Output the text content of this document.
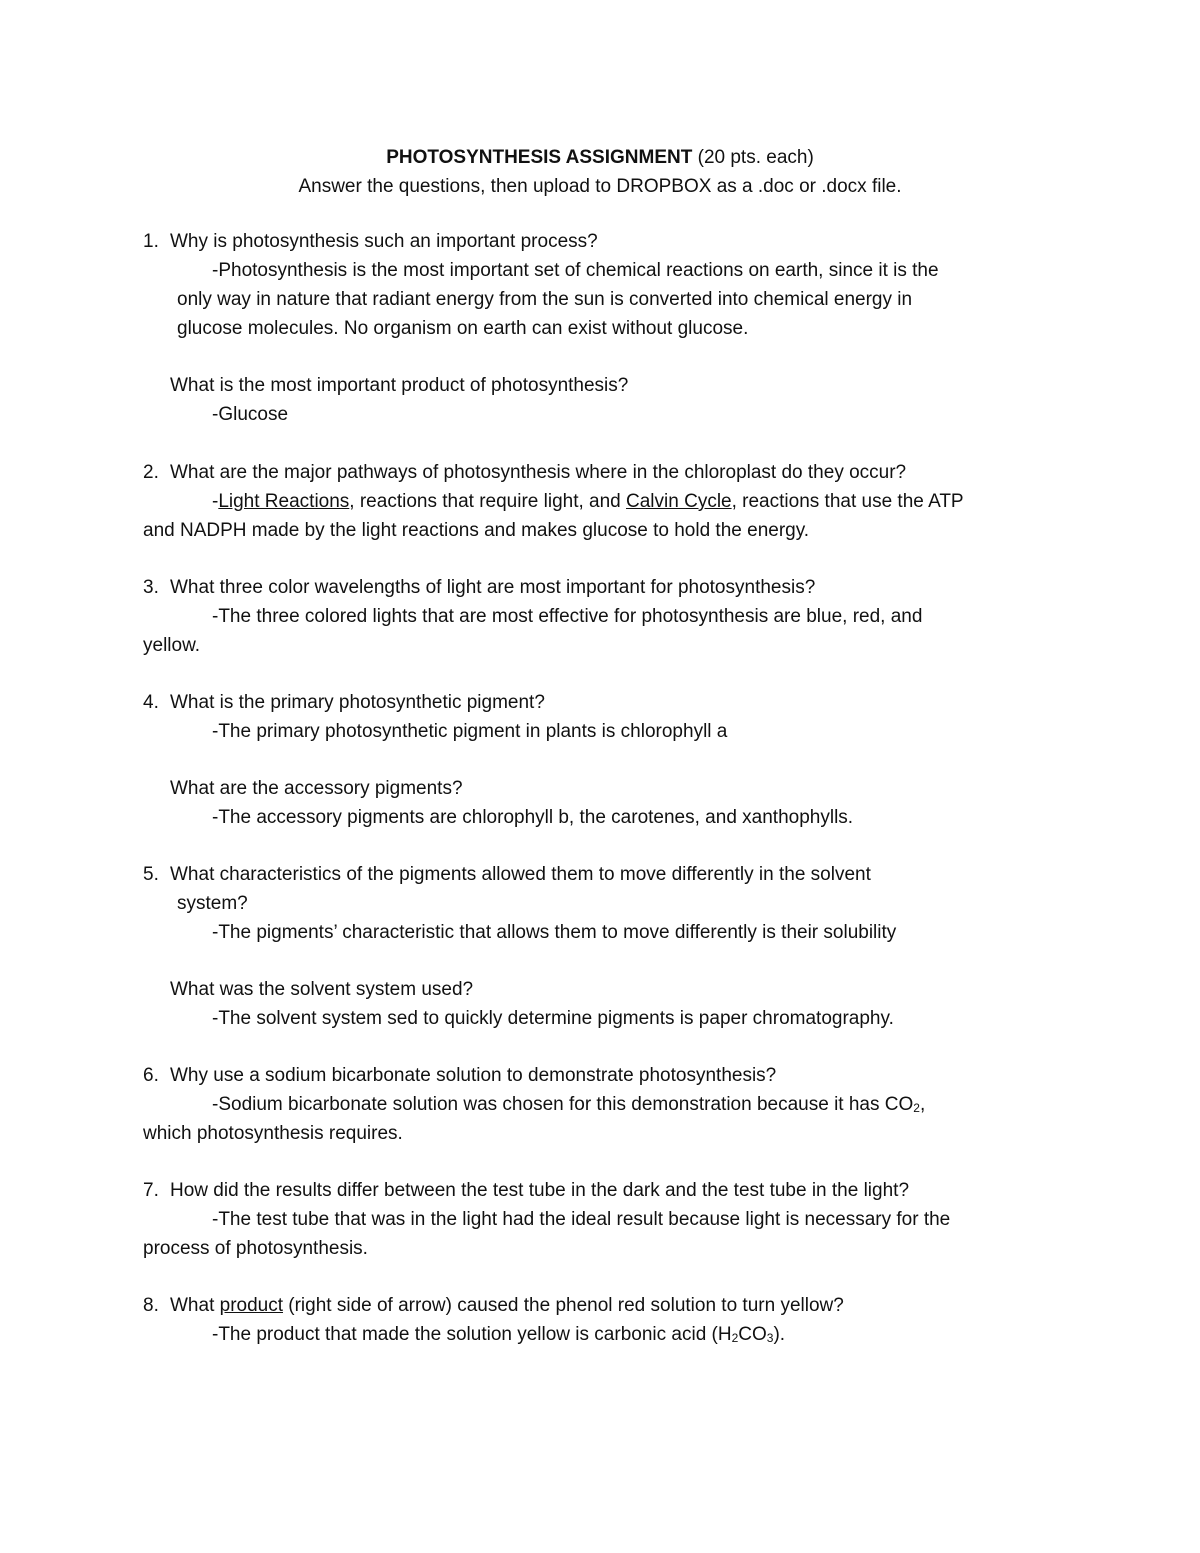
PHOTOSYNTHESIS ASSIGNMENT (20 pts. each)
Answer the questions, then upload to DROPBOX as a .doc or .docx file.
1. Why is photosynthesis such an important process?
-Photosynthesis is the most important set of chemical reactions on earth, since it is the
only way in nature that radiant energy from the sun is converted into chemical energy in
glucose molecules. No organism on earth can exist without glucose.
What is the most important product of photosynthesis?
-Glucose
2. What are the major pathways of photosynthesis where in the chloroplast do they occur?
-Light Reactions, reactions that require light, and Calvin Cycle, reactions that use the ATP
and NADPH made by the light reactions and makes glucose to hold the energy.
3. What three color wavelengths of light are most important for photosynthesis?
-The three colored lights that are most effective for photosynthesis are blue, red, and
yellow.
4. What is the primary photosynthetic pigment?
-The primary photosynthetic pigment in plants is chlorophyll a
What are the accessory pigments?
-The accessory pigments are chlorophyll b, the carotenes, and xanthophylls.
5. What characteristics of the pigments allowed them to move differently in the solvent
system?
-The pigments’ characteristic that allows them to move differently is their solubility
What was the solvent system used?
-The solvent system sed to quickly determine pigments is paper chromatography.
6. Why use a sodium bicarbonate solution to demonstrate photosynthesis?
-Sodium bicarbonate solution was chosen for this demonstration because it has $CO_2$,
which photosynthesis requires.
7. How did the results differ between the test tube in the dark and the test tube in the light?
-The test tube that was in the light had the ideal result because light is necessary for the
process of photosynthesis.
8. What product (right side of arrow) caused the phenol red solution to turn yellow?
-The product that made the solution yellow is carbonic acid $(H_2CO_3)$.
